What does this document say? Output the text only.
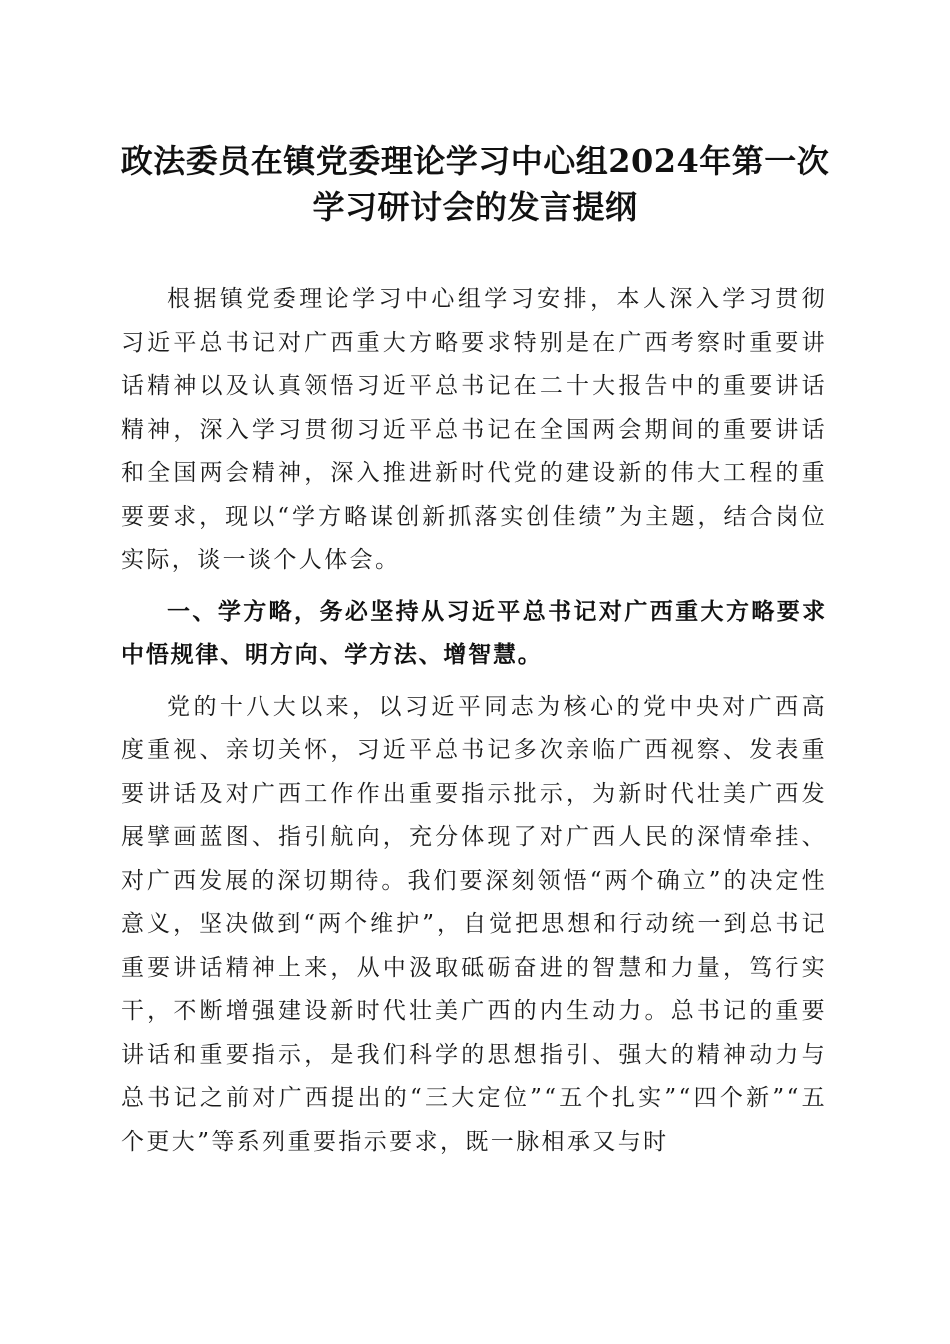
政法委员在镇党委理论学习中心组2024年第一次学习研讨会的发言提纲

根据镇党委理论学习中心组学习安排，本人深入学习贯彻习近平总书记对广西重大方略要求特别是在广西考察时重要讲话精神以及认真领悟习近平总书记在二十大报告中的重要讲话精神，深入学习贯彻习近平总书记在全国两会期间的重要讲话和全国两会精神，深入推进新时代党的建设新的伟大工程的重要要求，现以“学方略谋创新抓落实创佳绩”为主题，结合岗位实际，谈一谈个人体会。

一、学方略，务必坚持从习近平总书记对广西重大方略要求中悟规律、明方向、学方法、增智慧。

党的十八大以来，以习近平同志为核心的党中央对广西高度重视、亲切关怀，习近平总书记多次亲临广西视察、发表重要讲话及对广西工作作出重要指示批示，为新时代壮美广西发展擘画蓝图、指引航向，充分体现了对广西人民的深情牵挂、对广西发展的深切期待。我们要深刻领悟“两个确立”的决定性意义，坚决做到“两个维护”，自觉把思想和行动统一到总书记重要讲话精神上来，从中汲取砥砺奋进的智慧和力量，笃行实干，不断增强建设新时代壮美广西的内生动力。总书记的重要讲话和重要指示，是我们科学的思想指引、强大的精神动力与总书记之前对广西提出的“三大定位”“五个扎实”“四个新”“五个更大”等系列重要指示要求，既一脉相承又与时
